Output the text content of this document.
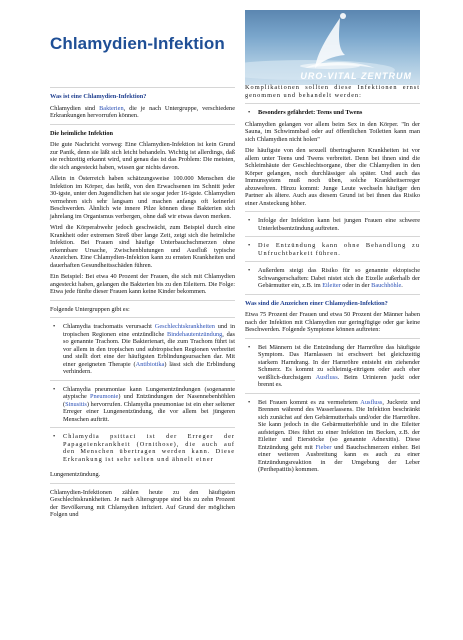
Chlamydien-Infektion
URO-VITAL ZENTRUM

Was ist eine Chlamydien-Infektion?

Chlamydien sind Bakterien, die je nach Untergruppe, verschiedene Erkrankungen hervorrufen können.

Die heimliche Infektion

Die gute Nachricht vorweg: Eine Chlamydien-Infektion ist kein Grund zur Panik, denn sie läßt sich leicht behandeln. Wichtig ist allerdings, daß sie rechtzeitig erkannt wird, und genau das ist das Problem: Die meisten, die sich angesteckt haben, wissen gar nichts davon.

Allein in Österreich haben schätzungsweise 100.000 Menschen die Infektion im Körper, das heißt, von den Erwachsenen im Schnitt jeder 30-igste, unter den Jugendlichen hat sie sogar jeder 16-igste. Chlamydien vermehren sich sehr langsam und machen anfangs oft keinerlei Beschwerden. Ähnlich wie innere Pilze können diese Bakterien sich jahrelang im Organismus verbergen, ohne daß wir etwas davon merken.

Wird die Körperabwehr jedoch geschwächt, zum Beispiel durch eine Krankheit oder extremen Streß über lange Zeit, zeigt sich die heimliche Infektion. Bei Frauen sind häufige Unterbauchschmerzen ohne erkennbare Ursache, Zwischenblutungen und Ausfluß typische Anzeichen. Eine Chlamydien-Infektion kann zu ernsten Krankheiten und dauerhaften Gesundheitsschäden führen.

Ein Beispiel: Bei etwa 40 Prozent der Frauen, die sich mit Chlamydien angesteckt haben, gelangen die Bakterien bis zu den Eileitern. Die Folge: Etwa jede fünfte dieser Frauen kann keine Kinder bekommen.

Folgende Untergruppen gibt es:

• Chlamydia trachomatis verursacht Geschlechtskrankheiten und in tropischen Regionen eine entzündliche Bindehautentzündung, das so genannte Trachom. Die Bakterienart, die zum Trachom führt ist vor allem in den tropischen und subtropischen Regionen verbreitet und stellt dort eine der häufigsten Erblindungsursachen dar. Mit einer geeigneten Therapie (Antibiotika) lässt sich die Erblindung verhindern.
• Chlamydia pneumoniae kann Lungenentzündungen (sogenannte atypische Pneumonie) und Entzündungen der Nasennebenhöhlen (Sinusitis) hervorrufen. Chlamydia pneumoniae ist ein eher seltener Erreger einer Lungenentzündung, die vor allem bei jüngeren Menschen auftritt.
• Chlamydia psittaci ist der Erreger der Papageienkrankheit (Ornithose), die auch auf den Menschen übertragen werden kann. Diese Erkrankung ist sehr selten und ähnelt einer

Lungenentzündung.

Chlamydien-Infektionen zählen heute zu den häufigsten Geschlechtskrankheiten. Je nach Altersgruppe sind bis zu zehn Prozent der Bevölkerung mit Chlamydien infiziert. Auf Grund der möglichen Folgen und

Komplikationen sollten diese Infektionen ernst genommen und behandelt werden:

• Besonders gefährdet: Teens und Twens

Chlamydien gelangen vor allem beim Sex in den Körper. "In der Sauna, im Schwimmbad oder auf öffentlichen Toiletten kann man sich Chlamydien nicht holen"

Die häufigste von den sexuell übertragbaren Krankheiten ist vor allem unter Teens und Twens verbreitet. Denn bei ihnen sind die Schleimhäute der Geschlechtsorgane, über die Chlamydien in den Körper gelangen, noch durchlässiger als später. Und auch das Immunsystem muß noch üben, solche Krankheitserreger abzuwehren. Hinzu kommt: Junge Leute wechseln häufiger den Partner als ältere. Auch aus diesem Grund ist bei ihnen das Risiko einer Ansteckung höher.

• Infolge der Infektion kann bei jungen Frauen eine schwere Unterleibsentzündung auftreten.
• Die Entzündung kann ohne Behandlung zu Unfruchtbarkeit führen.
• Außerdem steigt das Risiko für so genannte ektopische Schwangerschaften: Dabei nistet sich die Eizelle außerhalb der Gebärmutter ein, z.B. im Eileiter oder in der Bauchhöhle.

Was sind die Anzeichen einer Chlamydien-Infektion?

Etwa 75 Prozent der Frauen und etwa 50 Prozent der Männer haben nach der Infektion mit Chlamydien nur geringfügige oder gar keine Beschwerden. Folgende Symptome können auftreten:

• Bei Männern ist die Entzündung der Harnröhre das häufigste Symptom. Das Harnlassen ist erschwert bei gleichzeitig starkem Harndrang. In der Harnröhre entsteht ein ziehender Schmerz. Es kommt zu schleimig-eitrigem oder auch eher weißlich-durchsigem Ausfluss. Beim Urinieren juckt oder brennt es.
• Bei Frauen kommt es zu vermehrtem Ausfluss, Juckreiz und Brennen während des Wasserlassens. Die Infektion beschränkt sich zunächst auf den Gebärmutterhals und/oder die Harnröhre. Sie kann jedoch in die Gebärmutterhöhle und in die Eileiter aufsteigen. Dies führt zu einer Infektion im Becken, z.B. der Eileiter und Eierstöcke (so genannte Adnexitis). Diese Entzündung geht mit Fieber und Bauchschmerzen einher. Bei einer weiteren Ausbreitung kann es auch zu einer Entzündungsreaktion in der Umgebung der Leber (Perihepatitis) kommen.
